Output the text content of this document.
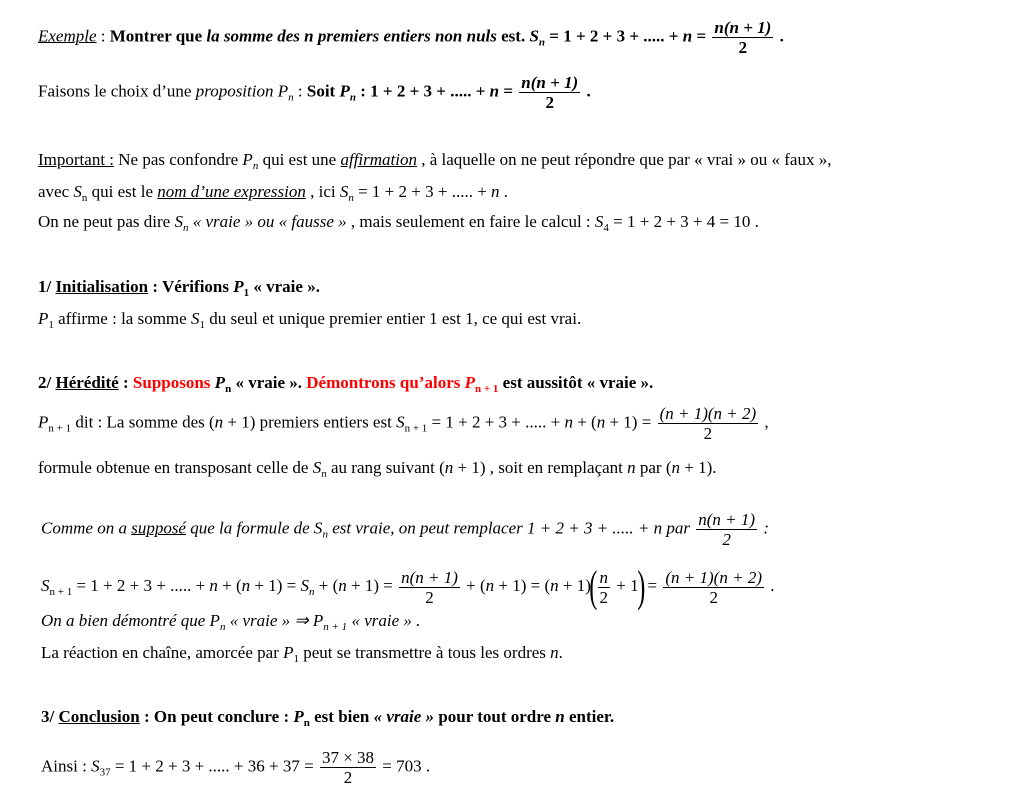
Exemple : Montrer que la somme des n premiers entiers non nuls est. $S_n = 1 + 2 + 3$ + ..... + $n = \frac{n(n + 1)}{2}$ .
Faisons le choix d’une proposition $P_n$ : Soit $P_n$ : 1 + 2 + 3 + ..... + $n = \frac{n(n + 1)}{2}$ .
Important : Ne pas confondre $P_n$ qui est une affirmation , à laquelle on ne peut répondre que par « vrai » ou « faux »,
avec $S_n$ qui est le nom d’une expression , ici $S_n = 1 + 2 + 3$ + ..... + n .
On ne peut pas dire $S_n$ « vraie » ou « fausse » , mais seulement en faire le calcul : $S_4 = 1 + 2 + 3 + 4 = 10$ .
1/ Initialisation : Vérifions $P_1$ « vraie ».
$P_1$ affirme : la somme $S_1$ du seul et unique premier entier 1 est 1, ce qui est vrai.
2/ Hérédité : Supposons $P_n$ « vraie ». Démontrons qu’alors $P_{n + 1}$ est aussitôt « vraie ».
$P_{n + 1}$ dit : La somme des (n + 1) premiers entiers est $S_{n + 1} = 1 + 2 + 3$ + ..... + $n + (n + 1) = \frac{(n + 1)(n + 2)}{2}$ ,
formule obtenue en transposant celle de $S_n$ au rang suivant (n + 1) , soit en remplaçant n par (n + 1).
Comme on a supposé que la formule de $S_n$ est vraie, on peut remplacer 1 + 2 + 3 + ..... + n par $\frac{n(n + 1)}{2}$ :
$S_{n + 1} = 1 + 2 + 3$ + ..... + $n + (n + 1) = S_n + (n + 1) = \frac{n(n + 1)}{2} + (n + 1) = (n + 1)( \frac{n}{2} + 1) = \frac{(n + 1)(n + 2)}{2}$ .
On a bien démontré que $P_n$ « vraie » ⇒ $P_{n + 1}$ « vraie » .
La réaction en chaîne, amorcée par $P_1$ peut se transmettre à tous les ordres n.
3/ Conclusion : On peut conclure : $P_n$ est bien « vraie » pour tout ordre n entier.
Ainsi : $S_{37} = 1 + 2 + 3$ + ..... + $36 + 37 = \frac{37 \times 38}{2} = 703$ .
